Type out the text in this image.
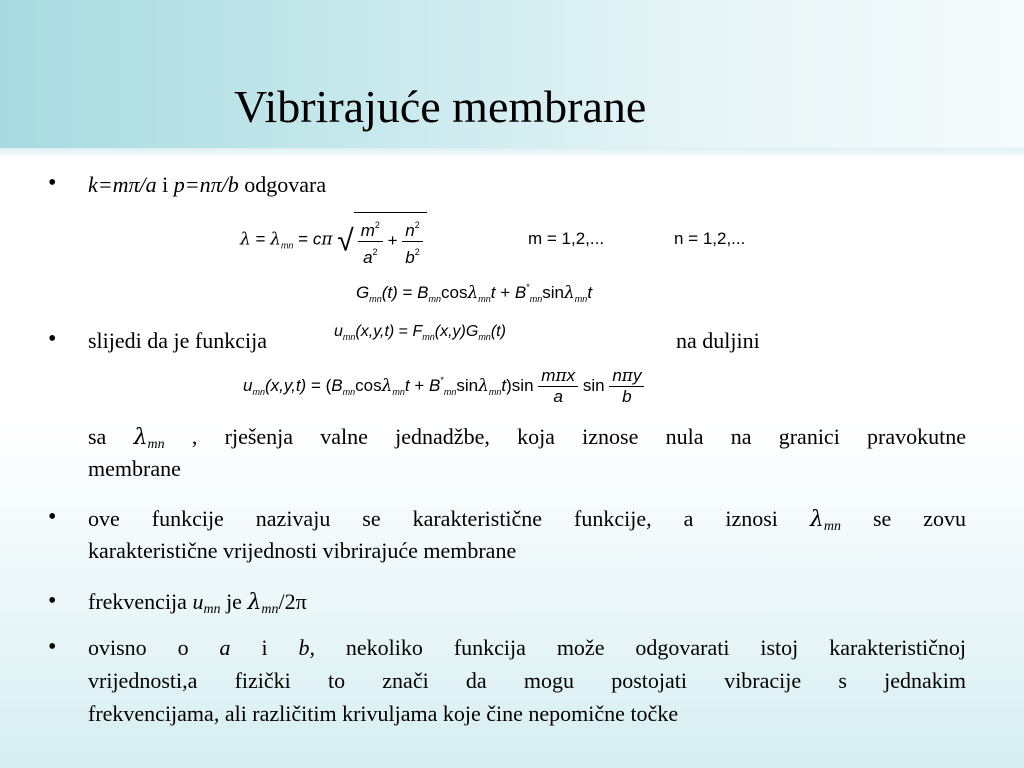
Vibrirajuće membrane
• k=mπ/a i p=nπ/b odgovara
$\lambda = \lambda_{mn} = c\pi$ √ $\frac{m^2}{a^2} + \frac{n^2}{b^2}$	m = 1,2,...	n = 1,2,...
$G_{mn}(t) = B_{mn}\cos\lambda_{mn}t + B^*_{mn}\sin\lambda_{mn}t$
• slijedi da je funkcija	$u_{mn}(x,y,t) = F_{mn}(x,y)G_{mn}(t)$	na duljini
$u_{mn}(x,y,t) = (B_{mn}\cos\lambda_{mn}t + B^*_{mn}\sin\lambda_{mn}t)\sin \frac{\text{mπx}}{a}$ $\sin \frac{\text{nπy}}{b}$
sa $\lambda_{mn}$ , rješenja valne jednadžbe, koja iznose nula na granici pravokutne
membrane
• ove funkcije nazivaju se karakteristične funkcije, a iznosi $\lambda_{mn}$ se zovu
karakteristične vrijednosti vibrirajuće membrane
• frekvencija $u_{mn}$ je $\lambda_{mn}/2\pi$
• ovisno o a i b, nekoliko funkcija može odgovarati istoj karakterističnoj
vrijednosti,a fizički to znači da mogu postojati vibracije s jednakim
frekvencijama, ali različitim krivuljama koje čine nepomične točke
